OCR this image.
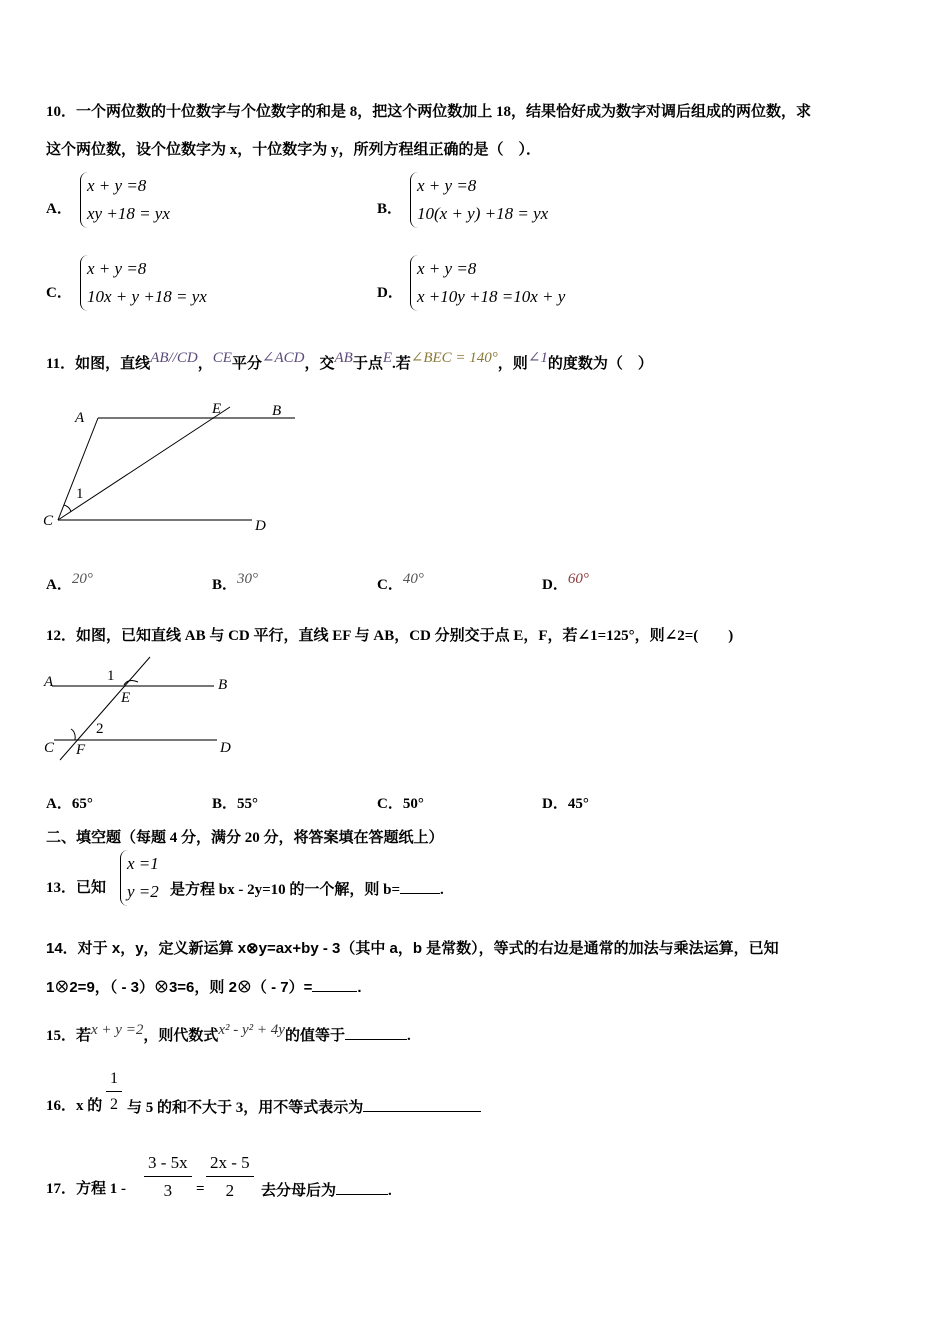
10．一个两位数的十位数字与个位数字的和是 8，把这个两位数加上 18，结果恰好成为数字对调后组成的两位数，求
这个两位数，设个位数字为 x，十位数字为 y，所列方程组正确的是（　）．
A．
x + y =8
xy +18 = yx	B．
x + y =8
10(x + y) +18 = yx
C．
x + y =8
10x + y +18 = yx	D．
x + y =8
x +10y +18 =10x + y
11．如图，直线AB//CD，CE平分∠ACD，交AB于点E.若∠BEC = 140°，则∠1的度数为（　）
A
E	B
C	D
1
A．20°	B．30°	C．40°	D．60°
12．如图，已知直线 AB 与 CD 平行，直线 EF 与 AB，CD 分别交于点 E，F，若∠1=125°，则∠2=(　　)
A	B
C	D
E
F
1
2
A．65°	B．55°	C．50°	D．45°
二、填空题（每题 4 分，满分 20 分，将答案填在答题纸上）
13．已知
x =1
y =2 是方程 bx - 2y=10 的一个解，则 b=	.
14．对于 x，y，定义新运算 x⊗y=ax+by - 3（其中 a，b 是常数），等式的右边是通常的加法与乘法运算，已知
1⊗2=9，（ - 3）⊗3=6，则 2⊗（ - 7）=	.
15．若x + y =2，则代数式x² - y² + 4y的值等于	.
16．x 的 $\frac{1}{2}$ 与 5 的和不大于 3，用不等式表示为
17．方程 $1 - \frac{3 - 5x}{3} = \frac{2x - 5}{2}$ 去分母后为	.
